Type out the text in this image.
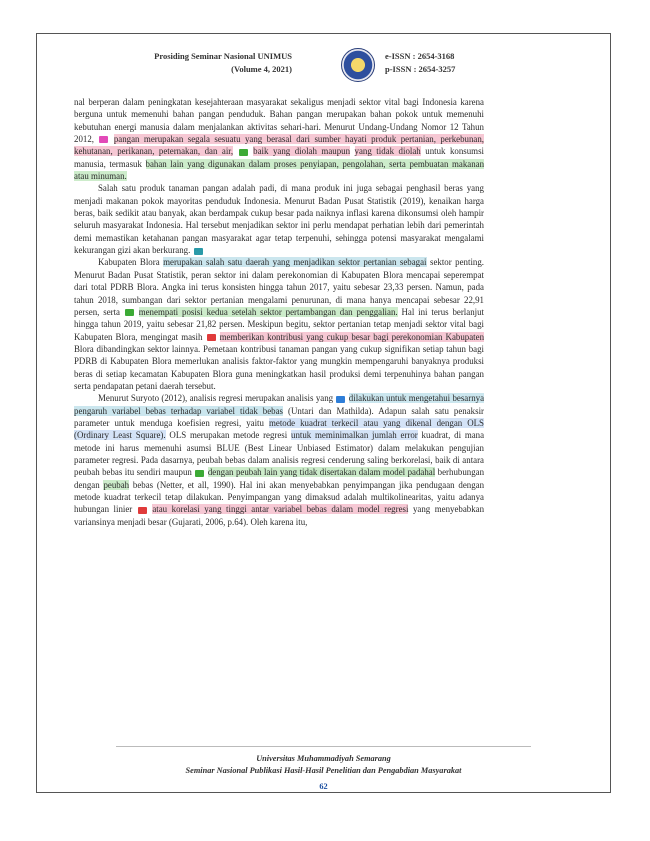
Prosiding Seminar Nasional UNIMUS
(Volume 4, 2021)
e-ISSN : 2654-3168
p-ISSN : 2654-3257

nal berperan dalam peningkatan kesejahteraan masyarakat sekaligus menjadi sektor vital bagi Indonesia karena berguna untuk memenuhi bahan pangan penduduk. Bahan pangan merupakan bahan pokok untuk memenuhi kebutuhan energi manusia dalam menjalankan aktivitas sehari-hari. Menurut Undang-Undang Nomor 12 Tahun 2012, pangan merupakan segala sesuatu yang berasal dari sumber hayati produk pertanian, perkebunan, kehutanan, perikanan, peternakan, dan air, baik yang diolah maupun yang tidak diolah untuk konsumsi manusia, termasuk bahan lain yang digunakan dalam proses penyiapan, pengolahan, serta pembuatan makanan atau minuman.

Salah satu produk tanaman pangan adalah padi, di mana produk ini juga sebagai penghasil beras yang menjadi makanan pokok mayoritas penduduk Indonesia. Menurut Badan Pusat Statistik (2019), kenaikan harga beras, baik sedikit atau banyak, akan berdampak cukup besar pada naiknya inflasi karena dikonsumsi oleh hampir seluruh masyarakat Indonesia. Hal tersebut menjadikan sektor ini perlu mendapat perhatian lebih dari pemerintah demi memastikan ketahanan pangan masyarakat agar tetap terpenuhi, sehingga potensi masyarakat mengalami kekurangan gizi akan berkurang.

Kabupaten Blora merupakan salah satu daerah yang menjadikan sektor pertanian sebagai sektor penting. Menurut Badan Pusat Statistik, peran sektor ini dalam perekonomian di Kabupaten Blora mencapai seperempat dari total PDRB Blora. Angka ini terus konsisten hingga tahun 2017, yaitu sebesar 23,33 persen. Namun, pada tahun 2018, sumbangan dari sektor pertanian mengalami penurunan, di mana hanya mencapai sebesar 22,91 persen, serta menempati posisi kedua setelah sektor pertambangan dan penggalian. Hal ini terus berlanjut hingga tahun 2019, yaitu sebesar 21,82 persen. Meskipun begitu, sektor pertanian tetap menjadi sektor vital bagi Kabupaten Blora, mengingat masih memberikan kontribusi yang cukup besar bagi perekonomian Kabupaten Blora dibandingkan sektor lainnya. Pemetaan kontribusi tanaman pangan yang cukup signifikan setiap tahun bagi PDRB di Kabupaten Blora memerlukan analisis faktor-faktor yang mungkin mempengaruhi banyaknya produksi beras di setiap kecamatan Kabupaten Blora guna meningkatkan hasil produksi demi terpenuhinya bahan pangan serta pendapatan petani daerah tersebut.

Menurut Suryoto (2012), analisis regresi merupakan analisis yang dilakukan untuk mengetahui besarnya pengaruh variabel bebas terhadap variabel tidak bebas (Untari dan Mathilda). Adapun salah satu penaksir parameter untuk menduga koefisien regresi, yaitu metode kuadrat terkecil atau yang dikenal dengan OLS (Ordinary Least Square). OLS merupakan metode regresi untuk meminimalkan jumlah error kuadrat, di mana metode ini harus memenuhi asumsi BLUE (Best Linear Unbiased Estimator) dalam melakukan pengujian parameter regresi. Pada dasarnya, peubah bebas dalam analisis regresi cenderung saling berkorelasi, baik di antara peubah bebas itu sendiri maupun dengan peubah lain yang tidak disertakan dalam model padahal berhubungan dengan peubah bebas (Netter, et all, 1990). Hal ini akan menyebabkan penyimpangan jika pendugaan dengan metode kuadrat terkecil tetap dilakukan. Penyimpangan yang dimaksud adalah multikolinearitas, yaitu adanya hubungan linier atau korelasi yang tinggi antar variabel bebas dalam model regresi yang menyebabkan variansinya menjadi besar (Gujarati, 2006, p.64). Oleh karena itu,

Universitas Muhammadiyah Semarang
Seminar Nasional Publikasi Hasil-Hasil Penelitian dan Pengabdian Masyarakat
62
